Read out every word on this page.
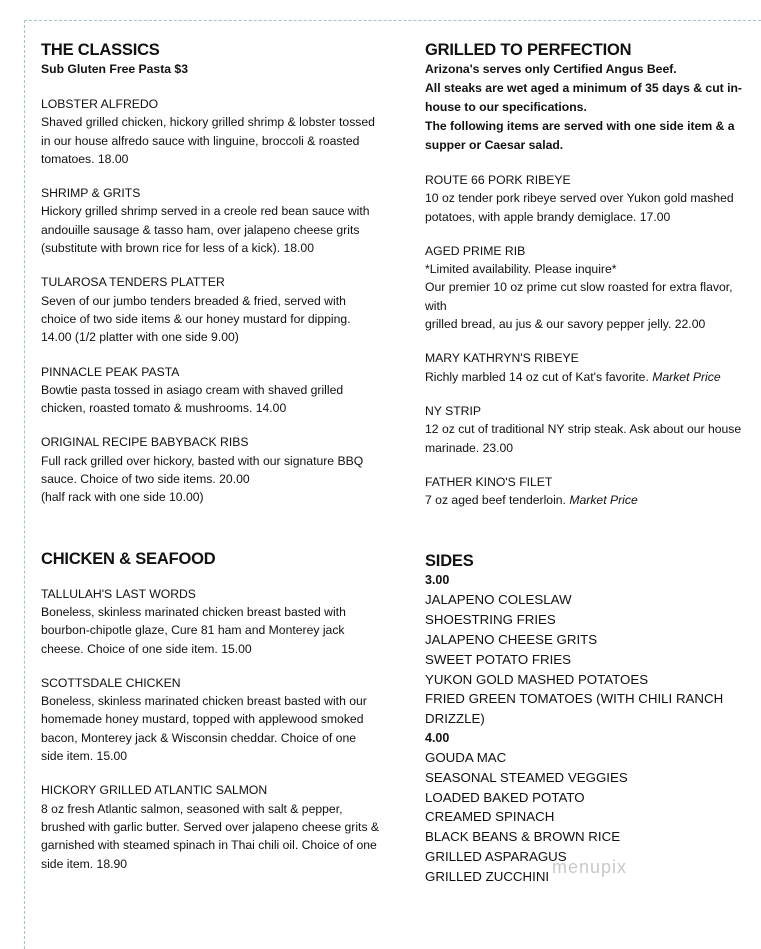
THE CLASSICS
Sub Gluten Free Pasta $3
LOBSTER ALFREDO
Shaved grilled chicken, hickory grilled shrimp & lobster tossed
in our house alfredo sauce with linguine, broccoli & roasted
tomatoes. 18.00
SHRIMP & GRITS
Hickory grilled shrimp served in a creole red bean sauce with
andouille sausage & tasso ham, over jalapeno cheese grits
(substitute with brown rice for less of a kick). 18.00
TULAROSA TENDERS PLATTER
Seven of our jumbo tenders breaded & fried, served with
choice of two side items & our honey mustard for dipping.
14.00 (1/2 platter with one side 9.00)
PINNACLE PEAK PASTA
Bowtie pasta tossed in asiago cream with shaved grilled
chicken, roasted tomato & mushrooms. 14.00
ORIGINAL RECIPE BABYBACK RIBS
Full rack grilled over hickory, basted with our signature BBQ
sauce. Choice of two side items. 20.00
(half rack with one side 10.00)
CHICKEN & SEAFOOD
TALLULAH'S LAST WORDS
Boneless, skinless marinated chicken breast basted with
bourbon-chipotle glaze, Cure 81 ham and Monterey jack
cheese. Choice of one side item. 15.00
SCOTTSDALE CHICKEN
Boneless, skinless marinated chicken breast basted with our
homemade honey mustard, topped with applewood smoked
bacon, Monterey jack & Wisconsin cheddar. Choice of one
side item. 15.00
HICKORY GRILLED ATLANTIC SALMON
8 oz fresh Atlantic salmon, seasoned with salt & pepper,
brushed with garlic butter. Served over jalapeno cheese grits &
garnished with steamed spinach in Thai chili oil. Choice of one
side item. 18.90
GRILLED TO PERFECTION
Arizona's serves only Certified Angus Beef.
All steaks are wet aged a minimum of 35 days & cut in-
house to our specifications.
The following items are served with one side item & a
supper or Caesar salad.
ROUTE 66 PORK RIBEYE
10 oz tender pork ribeye served over Yukon gold mashed
potatoes, with apple brandy demiglace. 17.00
AGED PRIME RIB
*Limited availability. Please inquire*
Our premier 10 oz prime cut slow roasted for extra flavor, with
grilled bread, au jus & our savory pepper jelly. 22.00
MARY KATHRYN'S RIBEYE
Richly marbled 14 oz cut of Kat's favorite. Market Price
NY STRIP
12 oz cut of traditional NY strip steak. Ask about our house
marinade. 23.00
FATHER KINO'S FILET
7 oz aged beef tenderloin. Market Price
SIDES
3.00
JALAPENO COLESLAW
SHOESTRING FRIES
JALAPENO CHEESE GRITS
SWEET POTATO FRIES
YUKON GOLD MASHED POTATOES
FRIED GREEN TOMATOES (WITH CHILI RANCH
DRIZZLE)
4.00
GOUDA MAC
SEASONAL STEAMED VEGGIES
LOADED BAKED POTATO
CREAMED SPINACH
BLACK BEANS & BROWN RICE
GRILLED ASPARAGUS
GRILLED ZUCCHINI menupix
